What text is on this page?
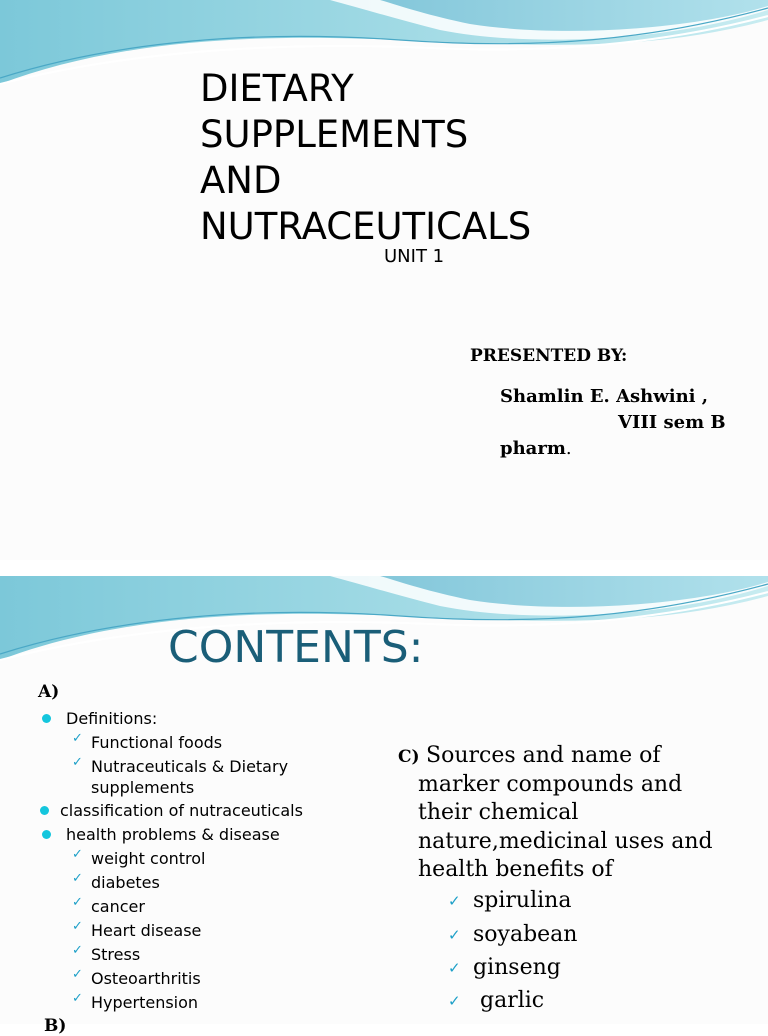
DIETARY
SUPPLEMENTS
AND
NUTRACEUTICALS
UNIT 1
PRESENTED BY:
Shamlin E. Ashwini ,
VIII sem B
pharm.
CONTENTS:
A)
Definitions:
✓ Functional foods
✓ Nutraceuticals & Dietary
supplements
classification of nutraceuticals
health problems & disease
✓ weight control
✓ diabetes
✓ cancer
✓ Heart disease
✓ Stress
✓ Osteoarthritis
✓ Hypertension
B)
C) Sources and name of marker compounds and their chemical nature,medicinal uses and health benefits of
✓ spirulina
✓ soyabean
✓ ginseng
✓ garlic
